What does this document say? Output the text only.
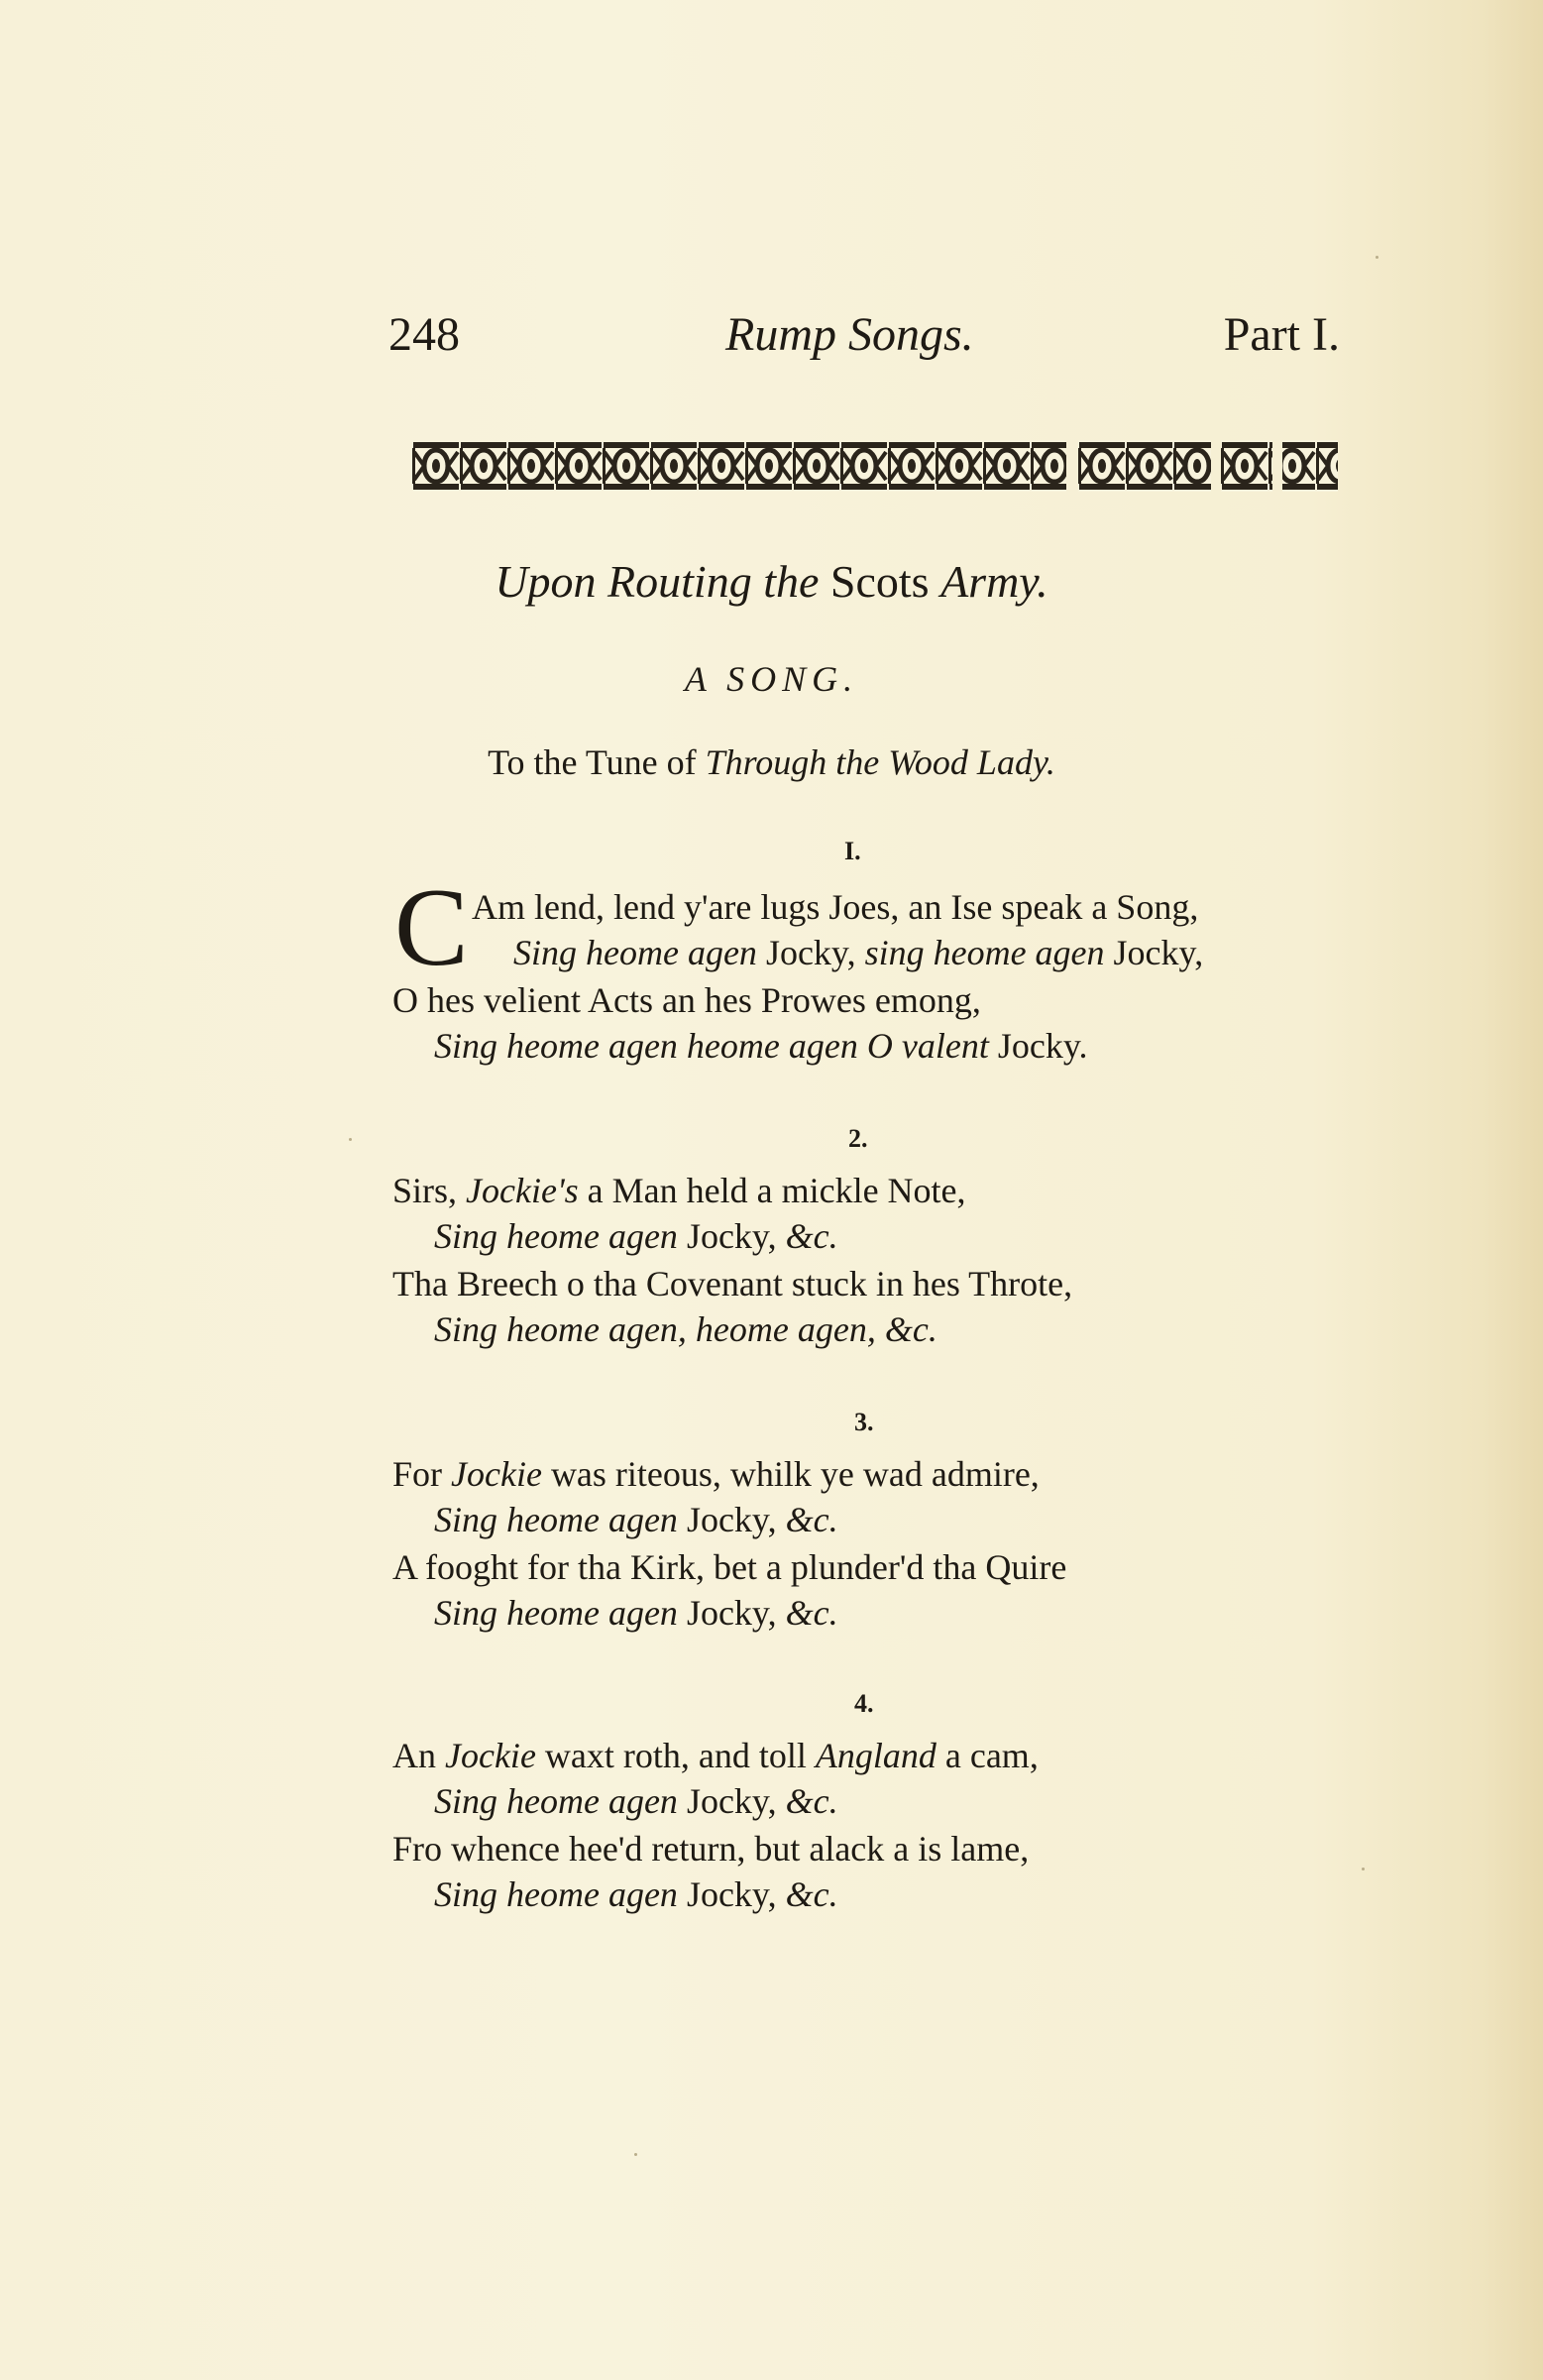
248	Rump Songs.	Part I.
Upon Routing the Scots Army.
A SONG.
To the Tune of Through the Wood Lady.
I.
C Am lend, lend y'are lugs Joes, an Ise speak a Song,
Sing heome agen Jocky, sing heome agen Jocky,
O hes velient Acts an hes Prowes emong,
Sing heome agen heome agen O valent Jocky.
2.
Sirs, Jockie's a Man held a mickle Note,
Sing heome agen Jocky, &c.
Tha Breech o tha Covenant stuck in hes Throte,
Sing heome agen, heome agen, &c.
3.
For Jockie was riteous, whilk ye wad admire,
Sing heome agen Jocky, &c.
A fooght for tha Kirk, bet a plunder'd tha Quire
Sing heome agen Jocky, &c.
4.
An Jockie waxt roth, and toll Angland a cam,
Sing heome agen Jocky, &c.
Fro whence hee'd return, but alack a is lame,
Sing heome agen Jocky, &c.
